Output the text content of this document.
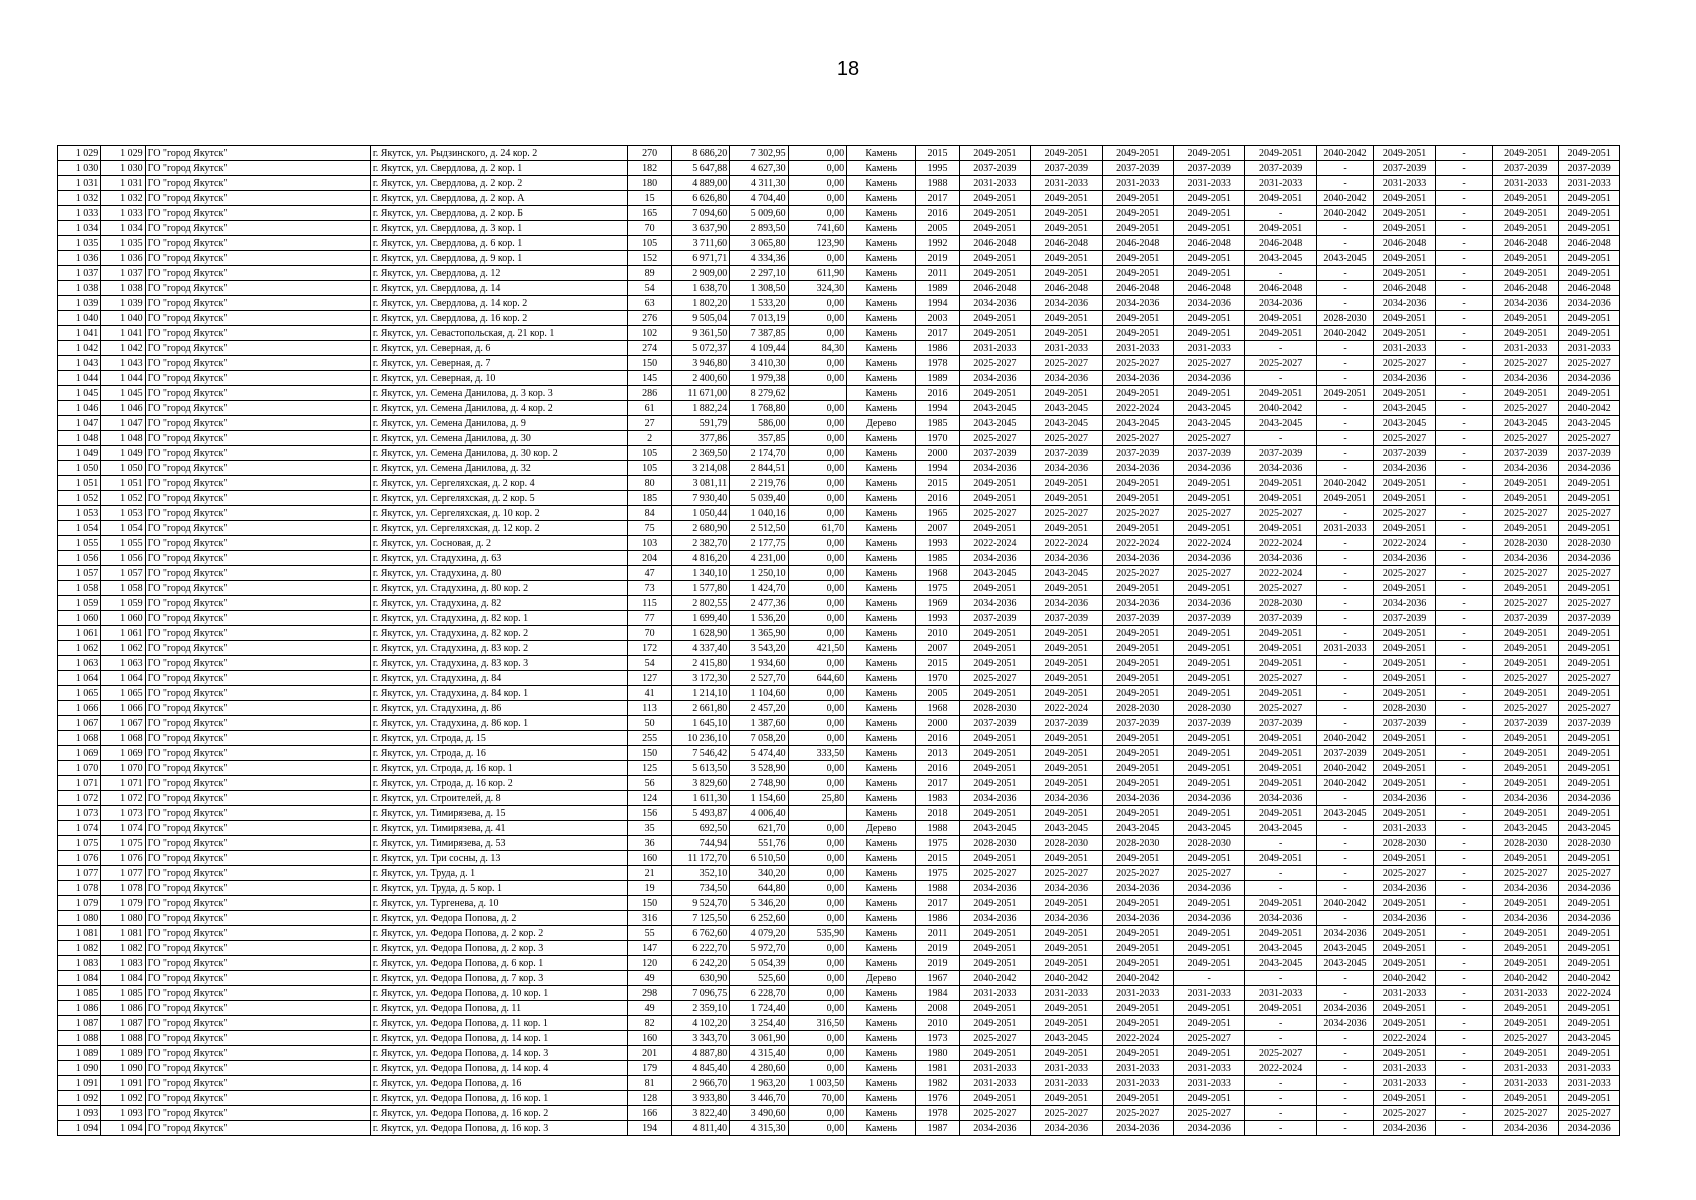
18
1 029	1 029	ГО "город Якутск"	г. Якутск, ул. Рыдзинского, д. 24 кор. 2	270	8 686,20	7 302,95	0,00	Камень	2015	2049-2051	2049-2051	2049-2051	2049-2051	2049-2051	2040-2042	2049-2051	-	2049-2051	2049-2051
1 030	1 030	ГО "город Якутск"	г. Якутск, ул. Свердлова, д. 2 кор. 1	182	5 647,88	4 627,30	0,00	Камень	1995	2037-2039	2037-2039	2037-2039	2037-2039	2037-2039	-	2037-2039	-	2037-2039	2037-2039
1 031	1 031	ГО "город Якутск"	г. Якутск, ул. Свердлова, д. 2 кор. 2	180	4 889,00	4 311,30	0,00	Камень	1988	2031-2033	2031-2033	2031-2033	2031-2033	2031-2033	-	2031-2033	-	2031-2033	2031-2033
1 032	1 032	ГО "город Якутск"	г. Якутск, ул. Свердлова, д. 2 кор. А	15	6 626,80	4 704,40	0,00	Камень	2017	2049-2051	2049-2051	2049-2051	2049-2051	2049-2051	2040-2042	2049-2051	-	2049-2051	2049-2051
1 033	1 033	ГО "город Якутск"	г. Якутск, ул. Свердлова, д. 2 кор. Б	165	7 094,60	5 009,60	0,00	Камень	2016	2049-2051	2049-2051	2049-2051	2049-2051	-	2040-2042	2049-2051	-	2049-2051	2049-2051
1 034	1 034	ГО "город Якутск"	г. Якутск, ул. Свердлова, д. 3 кор. 1	70	3 637,90	2 893,50	741,60	Камень	2005	2049-2051	2049-2051	2049-2051	2049-2051	2049-2051	-	2049-2051	-	2049-2051	2049-2051
1 035	1 035	ГО "город Якутск"	г. Якутск, ул. Свердлова, д. 6 кор. 1	105	3 711,60	3 065,80	123,90	Камень	1992	2046-2048	2046-2048	2046-2048	2046-2048	2046-2048	-	2046-2048	-	2046-2048	2046-2048
1 036	1 036	ГО "город Якутск"	г. Якутск, ул. Свердлова, д. 9 кор. 1	152	6 971,71	4 334,36	0,00	Камень	2019	2049-2051	2049-2051	2049-2051	2049-2051	2043-2045	2043-2045	2049-2051	-	2049-2051	2049-2051
1 037	1 037	ГО "город Якутск"	г. Якутск, ул. Свердлова, д. 12	89	2 909,00	2 297,10	611,90	Камень	2011	2049-2051	2049-2051	2049-2051	2049-2051	-	-	2049-2051	-	2049-2051	2049-2051
1 038	1 038	ГО "город Якутск"	г. Якутск, ул. Свердлова, д. 14	54	1 638,70	1 308,50	324,30	Камень	1989	2046-2048	2046-2048	2046-2048	2046-2048	2046-2048	-	2046-2048	-	2046-2048	2046-2048
1 039	1 039	ГО "город Якутск"	г. Якутск, ул. Свердлова, д. 14 кор. 2	63	1 802,20	1 533,20	0,00	Камень	1994	2034-2036	2034-2036	2034-2036	2034-2036	2034-2036	-	2034-2036	-	2034-2036	2034-2036
1 040	1 040	ГО "город Якутск"	г. Якутск, ул. Свердлова, д. 16 кор. 2	276	9 505,04	7 013,19	0,00	Камень	2003	2049-2051	2049-2051	2049-2051	2049-2051	2049-2051	2028-2030	2049-2051	-	2049-2051	2049-2051
1 041	1 041	ГО "город Якутск"	г. Якутск, ул. Севастопольская, д. 21 кор. 1	102	9 361,50	7 387,85	0,00	Камень	2017	2049-2051	2049-2051	2049-2051	2049-2051	2049-2051	2040-2042	2049-2051	-	2049-2051	2049-2051
1 042	1 042	ГО "город Якутск"	г. Якутск, ул. Северная, д. 6	274	5 072,37	4 109,44	84,30	Камень	1986	2031-2033	2031-2033	2031-2033	2031-2033	-	-	2031-2033	-	2031-2033	2031-2033
1 043	1 043	ГО "город Якутск"	г. Якутск, ул. Северная, д. 7	150	3 946,80	3 410,30	0,00	Камень	1978	2025-2027	2025-2027	2025-2027	2025-2027	2025-2027	-	2025-2027	-	2025-2027	2025-2027
1 044	1 044	ГО "город Якутск"	г. Якутск, ул. Северная, д. 10	145	2 400,60	1 979,38	0,00	Камень	1989	2034-2036	2034-2036	2034-2036	2034-2036	-	-	2034-2036	-	2034-2036	2034-2036
1 045	1 045	ГО "город Якутск"	г. Якутск, ул. Семена Данилова, д. 3 кор. 3	286	11 671,00	8 279,62		Камень	2016	2049-2051	2049-2051	2049-2051	2049-2051	2049-2051	2049-2051	2049-2051	-	2049-2051	2049-2051
1 046	1 046	ГО "город Якутск"	г. Якутск, ул. Семена Данилова, д. 4 кор. 2	61	1 882,24	1 768,80	0,00	Камень	1994	2043-2045	2043-2045	2022-2024	2043-2045	2040-2042	-	2043-2045	-	2025-2027	2040-2042
1 047	1 047	ГО "город Якутск"	г. Якутск, ул. Семена Данилова, д. 9	27	591,79	586,00	0,00	Дерево	1985	2043-2045	2043-2045	2043-2045	2043-2045	2043-2045	-	2043-2045	-	2043-2045	2043-2045
1 048	1 048	ГО "город Якутск"	г. Якутск, ул. Семена Данилова, д. 30	2	377,86	357,85	0,00	Камень	1970	2025-2027	2025-2027	2025-2027	2025-2027	-	-	2025-2027	-	2025-2027	2025-2027
1 049	1 049	ГО "город Якутск"	г. Якутск, ул. Семена Данилова, д. 30 кор. 2	105	2 369,50	2 174,70	0,00	Камень	2000	2037-2039	2037-2039	2037-2039	2037-2039	2037-2039	-	2037-2039	-	2037-2039	2037-2039
1 050	1 050	ГО "город Якутск"	г. Якутск, ул. Семена Данилова, д. 32	105	3 214,08	2 844,51	0,00	Камень	1994	2034-2036	2034-2036	2034-2036	2034-2036	2034-2036	-	2034-2036	-	2034-2036	2034-2036
1 051	1 051	ГО "город Якутск"	г. Якутск, ул. Сергеляхская, д. 2 кор. 4	80	3 081,11	2 219,76	0,00	Камень	2015	2049-2051	2049-2051	2049-2051	2049-2051	2049-2051	2040-2042	2049-2051	-	2049-2051	2049-2051
1 052	1 052	ГО "город Якутск"	г. Якутск, ул. Сергеляхская, д. 2 кор. 5	185	7 930,40	5 039,40	0,00	Камень	2016	2049-2051	2049-2051	2049-2051	2049-2051	2049-2051	2049-2051	2049-2051	-	2049-2051	2049-2051
1 053	1 053	ГО "город Якутск"	г. Якутск, ул. Сергеляхская, д. 10 кор. 2	84	1 050,44	1 040,16	0,00	Камень	1965	2025-2027	2025-2027	2025-2027	2025-2027	2025-2027	-	2025-2027	-	2025-2027	2025-2027
1 054	1 054	ГО "город Якутск"	г. Якутск, ул. Сергеляхская, д. 12 кор. 2	75	2 680,90	2 512,50	61,70	Камень	2007	2049-2051	2049-2051	2049-2051	2049-2051	2049-2051	2031-2033	2049-2051	-	2049-2051	2049-2051
1 055	1 055	ГО "город Якутск"	г. Якутск, ул. Сосновая, д. 2	103	2 382,70	2 177,75	0,00	Камень	1993	2022-2024	2022-2024	2022-2024	2022-2024	2022-2024	-	2022-2024	-	2028-2030	2028-2030
1 056	1 056	ГО "город Якутск"	г. Якутск, ул. Стадухина, д. 63	204	4 816,20	4 231,00	0,00	Камень	1985	2034-2036	2034-2036	2034-2036	2034-2036	2034-2036	-	2034-2036	-	2034-2036	2034-2036
1 057	1 057	ГО "город Якутск"	г. Якутск, ул. Стадухина, д. 80	47	1 340,10	1 250,10	0,00	Камень	1968	2043-2045	2043-2045	2025-2027	2025-2027	2022-2024	-	2025-2027	-	2025-2027	2025-2027
1 058	1 058	ГО "город Якутск"	г. Якутск, ул. Стадухина, д. 80 кор. 2	73	1 577,80	1 424,70	0,00	Камень	1975	2049-2051	2049-2051	2049-2051	2049-2051	2025-2027	-	2049-2051	-	2049-2051	2049-2051
1 059	1 059	ГО "город Якутск"	г. Якутск, ул. Стадухина, д. 82	115	2 802,55	2 477,36	0,00	Камень	1969	2034-2036	2034-2036	2034-2036	2034-2036	2028-2030	-	2034-2036	-	2025-2027	2025-2027
1 060	1 060	ГО "город Якутск"	г. Якутск, ул. Стадухина, д. 82 кор. 1	77	1 699,40	1 536,20	0,00	Камень	1993	2037-2039	2037-2039	2037-2039	2037-2039	2037-2039	-	2037-2039	-	2037-2039	2037-2039
1 061	1 061	ГО "город Якутск"	г. Якутск, ул. Стадухина, д. 82 кор. 2	70	1 628,90	1 365,90	0,00	Камень	2010	2049-2051	2049-2051	2049-2051	2049-2051	2049-2051	-	2049-2051	-	2049-2051	2049-2051
1 062	1 062	ГО "город Якутск"	г. Якутск, ул. Стадухина, д. 83 кор. 2	172	4 337,40	3 543,20	421,50	Камень	2007	2049-2051	2049-2051	2049-2051	2049-2051	2049-2051	2031-2033	2049-2051	-	2049-2051	2049-2051
1 063	1 063	ГО "город Якутск"	г. Якутск, ул. Стадухина, д. 83 кор. 3	54	2 415,80	1 934,60	0,00	Камень	2015	2049-2051	2049-2051	2049-2051	2049-2051	2049-2051	-	2049-2051	-	2049-2051	2049-2051
1 064	1 064	ГО "город Якутск"	г. Якутск, ул. Стадухина, д. 84	127	3 172,30	2 527,70	644,60	Камень	1970	2025-2027	2049-2051	2049-2051	2049-2051	2025-2027	-	2049-2051	-	2025-2027	2025-2027
1 065	1 065	ГО "город Якутск"	г. Якутск, ул. Стадухина, д. 84 кор. 1	41	1 214,10	1 104,60	0,00	Камень	2005	2049-2051	2049-2051	2049-2051	2049-2051	2049-2051	-	2049-2051	-	2049-2051	2049-2051
1 066	1 066	ГО "город Якутск"	г. Якутск, ул. Стадухина, д. 86	113	2 661,80	2 457,20	0,00	Камень	1968	2028-2030	2022-2024	2028-2030	2028-2030	2025-2027	-	2028-2030	-	2025-2027	2025-2027
1 067	1 067	ГО "город Якутск"	г. Якутск, ул. Стадухина, д. 86 кор. 1	50	1 645,10	1 387,60	0,00	Камень	2000	2037-2039	2037-2039	2037-2039	2037-2039	2037-2039	-	2037-2039	-	2037-2039	2037-2039
1 068	1 068	ГО "город Якутск"	г. Якутск, ул. Строда, д. 15	255	10 236,10	7 058,20	0,00	Камень	2016	2049-2051	2049-2051	2049-2051	2049-2051	2049-2051	2040-2042	2049-2051	-	2049-2051	2049-2051
1 069	1 069	ГО "город Якутск"	г. Якутск, ул. Строда, д. 16	150	7 546,42	5 474,40	333,50	Камень	2013	2049-2051	2049-2051	2049-2051	2049-2051	2049-2051	2037-2039	2049-2051	-	2049-2051	2049-2051
1 070	1 070	ГО "город Якутск"	г. Якутск, ул. Строда, д. 16 кор. 1	125	5 613,50	3 528,90	0,00	Камень	2016	2049-2051	2049-2051	2049-2051	2049-2051	2049-2051	2040-2042	2049-2051	-	2049-2051	2049-2051
1 071	1 071	ГО "город Якутск"	г. Якутск, ул. Строда, д. 16 кор. 2	56	3 829,60	2 748,90	0,00	Камень	2017	2049-2051	2049-2051	2049-2051	2049-2051	2049-2051	2040-2042	2049-2051	-	2049-2051	2049-2051
1 072	1 072	ГО "город Якутск"	г. Якутск, ул. Строителей, д. 8	124	1 611,30	1 154,60	25,80	Камень	1983	2034-2036	2034-2036	2034-2036	2034-2036	2034-2036	-	2034-2036	-	2034-2036	2034-2036
1 073	1 073	ГО "город Якутск"	г. Якутск, ул. Тимирязева, д. 15	156	5 493,87	4 006,40		Камень	2018	2049-2051	2049-2051	2049-2051	2049-2051	2049-2051	2043-2045	2049-2051	-	2049-2051	2049-2051
1 074	1 074	ГО "город Якутск"	г. Якутск, ул. Тимирязева, д. 41	35	692,50	621,70	0,00	Дерево	1988	2043-2045	2043-2045	2043-2045	2043-2045	2043-2045	-	2031-2033	-	2043-2045	2043-2045
1 075	1 075	ГО "город Якутск"	г. Якутск, ул. Тимирязева, д. 53	36	744,94	551,76	0,00	Камень	1975	2028-2030	2028-2030	2028-2030	2028-2030	-	-	2028-2030	-	2028-2030	2028-2030
1 076	1 076	ГО "город Якутск"	г. Якутск, ул. Три сосны, д. 13	160	11 172,70	6 510,50	0,00	Камень	2015	2049-2051	2049-2051	2049-2051	2049-2051	2049-2051	-	2049-2051	-	2049-2051	2049-2051
1 077	1 077	ГО "город Якутск"	г. Якутск, ул. Труда, д. 1	21	352,10	340,20	0,00	Камень	1975	2025-2027	2025-2027	2025-2027	2025-2027	-	-	2025-2027	-	2025-2027	2025-2027
1 078	1 078	ГО "город Якутск"	г. Якутск, ул. Труда, д. 5 кор. 1	19	734,50	644,80	0,00	Камень	1988	2034-2036	2034-2036	2034-2036	2034-2036	-	-	2034-2036	-	2034-2036	2034-2036
1 079	1 079	ГО "город Якутск"	г. Якутск, ул. Тургенева, д. 10	150	9 524,70	5 346,20	0,00	Камень	2017	2049-2051	2049-2051	2049-2051	2049-2051	2049-2051	2040-2042	2049-2051	-	2049-2051	2049-2051
1 080	1 080	ГО "город Якутск"	г. Якутск, ул. Федора Попова, д. 2	316	7 125,50	6 252,60	0,00	Камень	1986	2034-2036	2034-2036	2034-2036	2034-2036	2034-2036	-	2034-2036	-	2034-2036	2034-2036
1 081	1 081	ГО "город Якутск"	г. Якутск, ул. Федора Попова, д. 2 кор. 2	55	6 762,60	4 079,20	535,90	Камень	2011	2049-2051	2049-2051	2049-2051	2049-2051	2049-2051	2034-2036	2049-2051	-	2049-2051	2049-2051
1 082	1 082	ГО "город Якутск"	г. Якутск, ул. Федора Попова, д. 2 кор. 3	147	6 222,70	5 972,70	0,00	Камень	2019	2049-2051	2049-2051	2049-2051	2049-2051	2043-2045	2043-2045	2049-2051	-	2049-2051	2049-2051
1 083	1 083	ГО "город Якутск"	г. Якутск, ул. Федора Попова, д. 6 кор. 1	120	6 242,20	5 054,39	0,00	Камень	2019	2049-2051	2049-2051	2049-2051	2049-2051	2043-2045	2043-2045	2049-2051	-	2049-2051	2049-2051
1 084	1 084	ГО "город Якутск"	г. Якутск, ул. Федора Попова, д. 7 кор. 3	49	630,90	525,60	0,00	Дерево	1967	2040-2042	2040-2042	2040-2042	-	-	-	2040-2042	-	2040-2042	2040-2042
1 085	1 085	ГО "город Якутск"	г. Якутск, ул. Федора Попова, д. 10 кор. 1	298	7 096,75	6 228,70	0,00	Камень	1984	2031-2033	2031-2033	2031-2033	2031-2033	2031-2033	-	2031-2033	-	2031-2033	2022-2024
1 086	1 086	ГО "город Якутск"	г. Якутск, ул. Федора Попова, д. 11	49	2 359,10	1 724,40	0,00	Камень	2008	2049-2051	2049-2051	2049-2051	2049-2051	2049-2051	2034-2036	2049-2051	-	2049-2051	2049-2051
1 087	1 087	ГО "город Якутск"	г. Якутск, ул. Федора Попова, д. 11 кор. 1	82	4 102,20	3 254,40	316,50	Камень	2010	2049-2051	2049-2051	2049-2051	2049-2051	-	2034-2036	2049-2051	-	2049-2051	2049-2051
1 088	1 088	ГО "город Якутск"	г. Якутск, ул. Федора Попова, д. 14 кор. 1	160	3 343,70	3 061,90	0,00	Камень	1973	2025-2027	2043-2045	2022-2024	2025-2027	-	-	2022-2024	-	2025-2027	2043-2045
1 089	1 089	ГО "город Якутск"	г. Якутск, ул. Федора Попова, д. 14 кор. 3	201	4 887,80	4 315,40	0,00	Камень	1980	2049-2051	2049-2051	2049-2051	2049-2051	2025-2027	-	2049-2051	-	2049-2051	2049-2051
1 090	1 090	ГО "город Якутск"	г. Якутск, ул. Федора Попова, д. 14 кор. 4	179	4 845,40	4 280,60	0,00	Камень	1981	2031-2033	2031-2033	2031-2033	2031-2033	2022-2024	-	2031-2033	-	2031-2033	2031-2033
1 091	1 091	ГО "город Якутск"	г. Якутск, ул. Федора Попова, д. 16	81	2 966,70	1 963,20	1 003,50	Камень	1982	2031-2033	2031-2033	2031-2033	2031-2033	-	-	2031-2033	-	2031-2033	2031-2033
1 092	1 092	ГО "город Якутск"	г. Якутск, ул. Федора Попова, д. 16 кор. 1	128	3 933,80	3 446,70	70,00	Камень	1976	2049-2051	2049-2051	2049-2051	2049-2051	-	-	2049-2051	-	2049-2051	2049-2051
1 093	1 093	ГО "город Якутск"	г. Якутск, ул. Федора Попова, д. 16 кор. 2	166	3 822,40	3 490,60	0,00	Камень	1978	2025-2027	2025-2027	2025-2027	2025-2027	-	-	2025-2027	-	2025-2027	2025-2027
1 094	1 094	ГО "город Якутск"	г. Якутск, ул. Федора Попова, д. 16 кор. 3	194	4 811,40	4 315,30	0,00	Камень	1987	2034-2036	2034-2036	2034-2036	2034-2036	-	-	2034-2036	-	2034-2036	2034-2036
